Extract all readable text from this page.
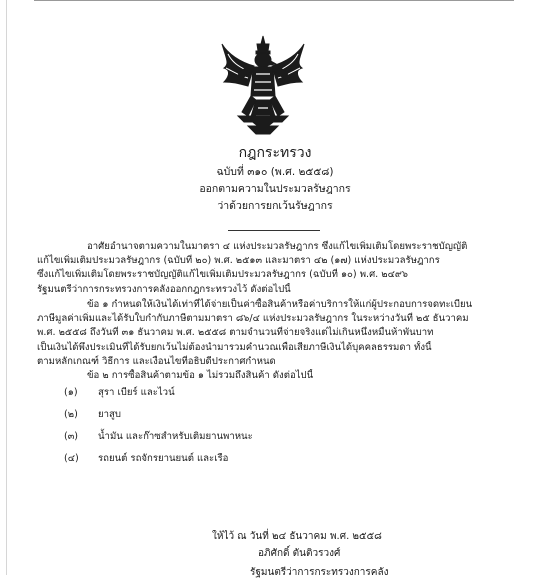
กฎกระทรวง
ฉบับที่ ๓๑๐ (พ.ศ. ๒๕๕๘)
ออกตามความในประมวลรัษฎากร
ว่าด้วยการยกเว้นรัษฎากร
อาศัยอำนาจตามความในมาตรา ๔ แห่งประมวลรัษฎากร ซึ่งแก้ไขเพิ่มเติมโดยพระราชบัญญัติ
แก้ไขเพิ่มเติมประมวลรัษฎากร (ฉบับที่ ๒๐) พ.ศ. ๒๕๑๓ และมาตรา ๔๒ (๑๗) แห่งประมวลรัษฎากร
ซึ่งแก้ไขเพิ่มเติมโดยพระราชบัญญัติแก้ไขเพิ่มเติมประมวลรัษฎากร (ฉบับที่ ๑๐) พ.ศ. ๒๔๙๖
รัฐมนตรีว่าการกระทรวงการคลังออกกฎกระทรวงไว้ ดังต่อไปนี้
ข้อ ๑ กำหนดให้เงินได้เท่าที่ได้จ่ายเป็นค่าซื้อสินค้าหรือค่าบริการให้แก่ผู้ประกอบการจดทะเบียน
ภาษีมูลค่าเพิ่มและได้รับใบกำกับภาษีตามมาตรา ๘๖/๔ แห่งประมวลรัษฎากร ในระหว่างวันที่ ๒๕ ธันวาคม
พ.ศ. ๒๕๕๘ ถึงวันที่ ๓๑ ธันวาคม พ.ศ. ๒๕๕๘ ตามจำนวนที่จ่ายจริงแต่ไม่เกินหนึ่งหมื่นห้าพันบาท
เป็นเงินได้พึงประเมินที่ได้รับยกเว้นไม่ต้องนำมารวมคำนวณเพื่อเสียภาษีเงินได้บุคคลธรรมดา ทั้งนี้
ตามหลักเกณฑ์ วิธีการ และเงื่อนไขที่อธิบดีประกาศกำหนด
ข้อ ๒ การซื้อสินค้าตามข้อ ๑ ไม่รวมถึงสินค้า ดังต่อไปนี้
(๑) สุรา เบียร์ และไวน์
(๒) ยาสูบ
(๓) น้ำมัน และก๊าซสำหรับเติมยานพาหนะ
(๔) รถยนต์ รถจักรยานยนต์ และเรือ
ให้ไว้ ณ วันที่ ๒๔ ธันวาคม พ.ศ. ๒๕๕๘
อภิศักดิ์ ตันติวรวงศ์
รัฐมนตรีว่าการกระทรวงการคลัง
